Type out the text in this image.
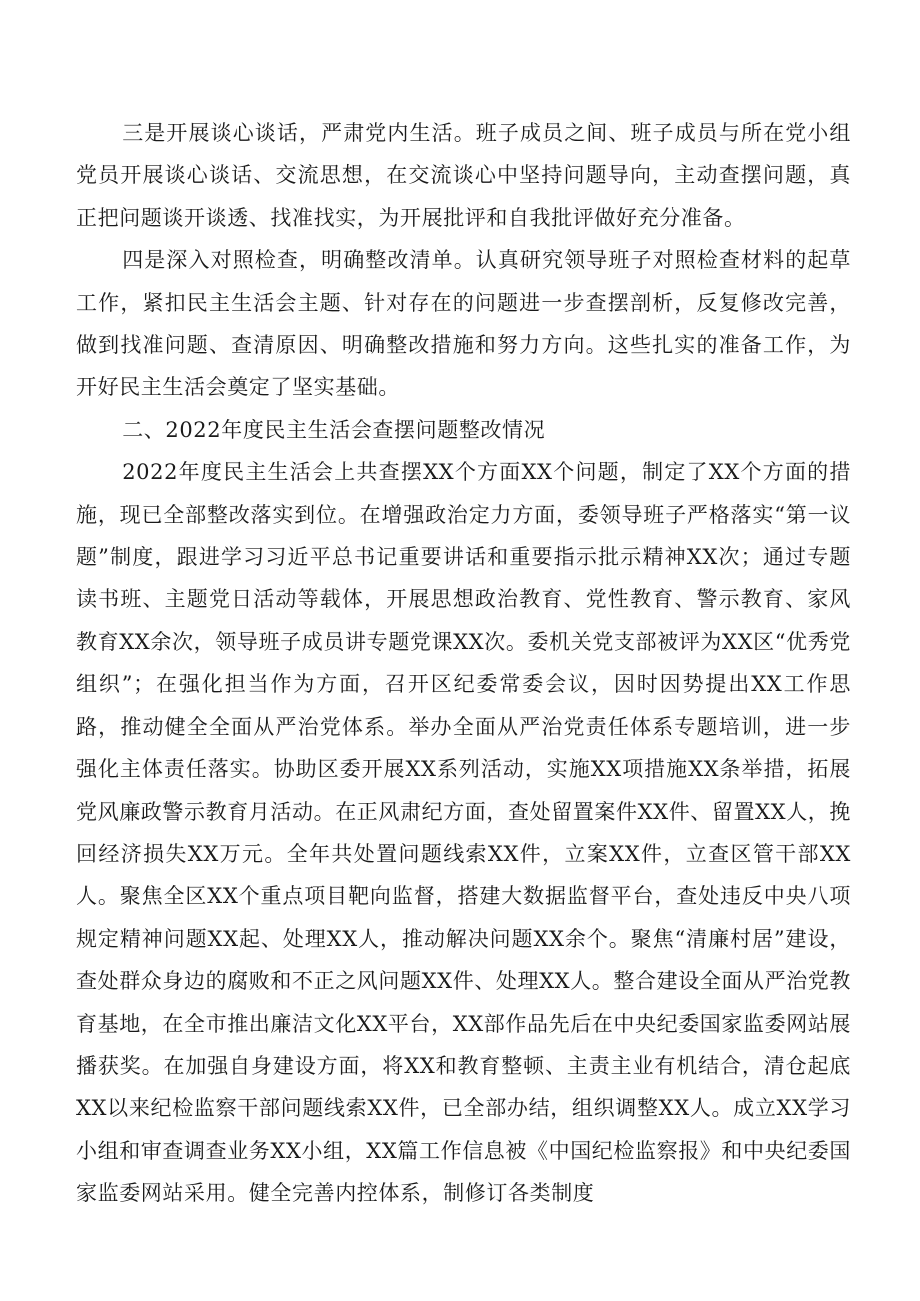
三是开展谈心谈话，严肃党内生活。班子成员之间、班子成员与所在党小组党员开展谈心谈话、交流思想，在交流谈心中坚持问题导向，主动查摆问题，真正把问题谈开谈透、找准找实，为开展批评和自我批评做好充分准备。

四是深入对照检查，明确整改清单。认真研究领导班子对照检查材料的起草工作，紧扣民主生活会主题、针对存在的问题进一步查摆剖析，反复修改完善，做到找准问题、查清原因、明确整改措施和努力方向。这些扎实的准备工作，为开好民主生活会奠定了坚实基础。

二、2022年度民主生活会查摆问题整改情况

2022年度民主生活会上共查摆XX个方面XX个问题，制定了XX个方面的措施，现已全部整改落实到位。在增强政治定力方面，委领导班子严格落实“第一议题”制度，跟进学习习近平总书记重要讲话和重要指示批示精神XX次；通过专题读书班、主题党日活动等载体，开展思想政治教育、党性教育、警示教育、家风教育XX余次，领导班子成员讲专题党课XX次。委机关党支部被评为XX区“优秀党组织”；在强化担当作为方面，召开区纪委常委会议，因时因势提出XX工作思路，推动健全全面从严治党体系。举办全面从严治党责任体系专题培训，进一步强化主体责任落实。协助区委开展XX系列活动，实施XX项措施XX条举措，拓展党风廉政警示教育月活动。在正风肃纪方面，查处留置案件XX件、留置XX人，挽回经济损失XX万元。全年共处置问题线索XX件，立案XX件，立查区管干部XX人。聚焦全区XX个重点项目靶向监督，搭建大数据监督平台，查处违反中央八项规定精神问题XX起、处理XX人，推动解决问题XX余个。聚焦“清廉村居”建设，查处群众身边的腐败和不正之风问题XX件、处理XX人。整合建设全面从严治党教育基地，在全市推出廉洁文化XX平台，XX部作品先后在中央纪委国家监委网站展播获奖。在加强自身建设方面，将XX和教育整顿、主责主业有机结合，清仓起底XX以来纪检监察干部问题线索XX件，已全部办结，组织调整XX人。成立XX学习小组和审查调查业务XX小组，XX篇工作信息被《中国纪检监察报》和中央纪委国家监委网站采用。健全完善内控体系，制修订各类制度
